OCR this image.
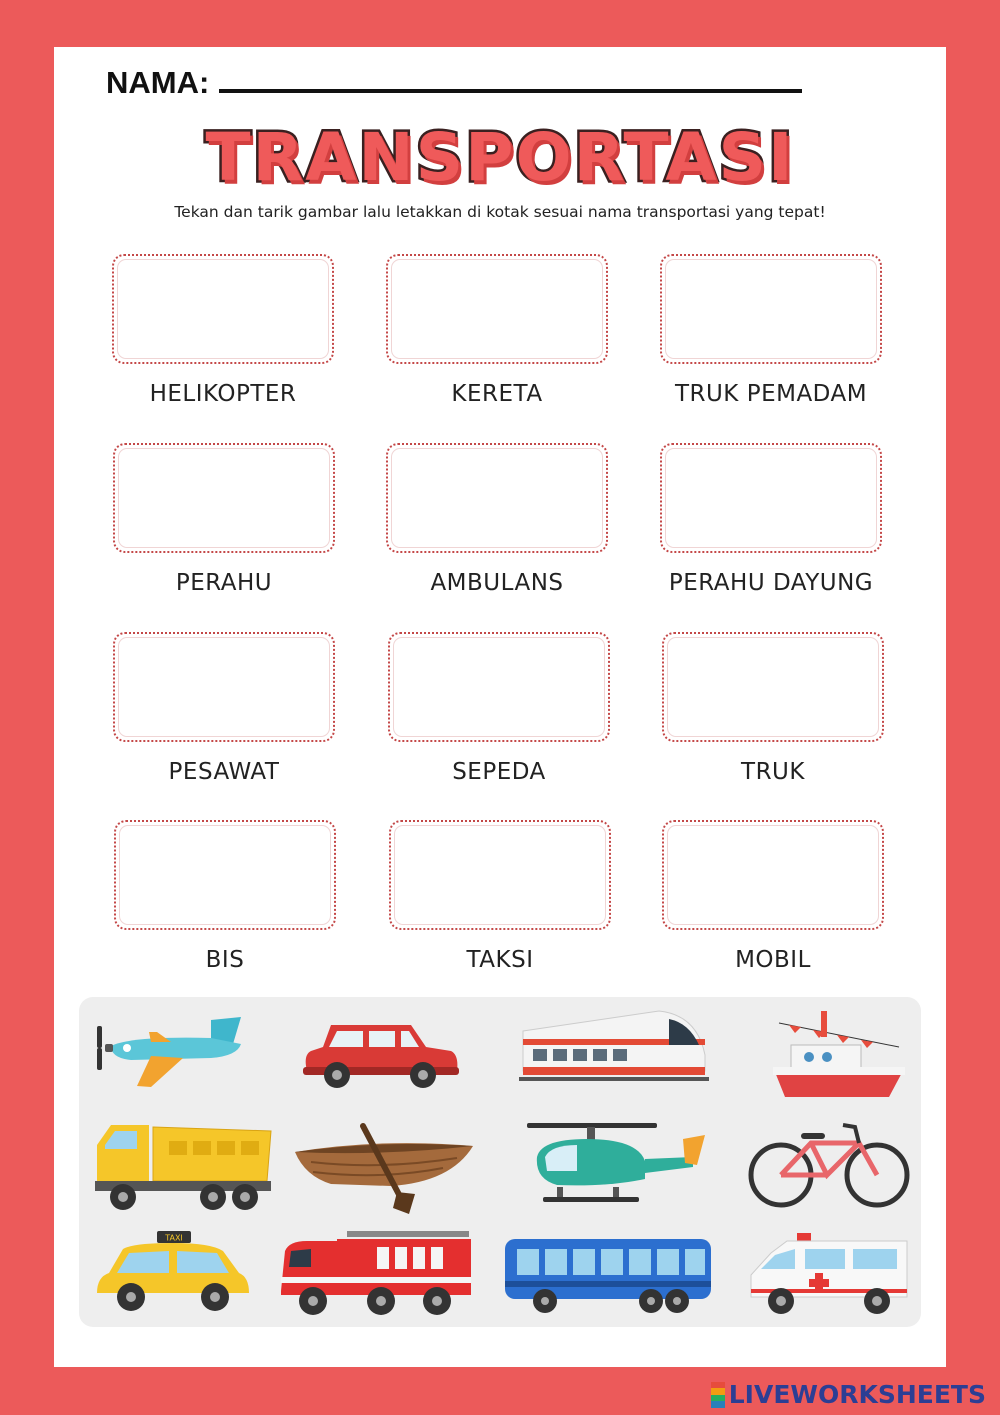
NAMA:
TRANSPORTASI
Tekan dan tarik gambar lalu letakkan di kotak sesuai nama transportasi yang tepat!
HELIKOPTER	KERETA	TRUK PEMADAM
PERAHU	AMBULANS	PERAHU DAYUNG
PESAWAT	SEPEDA	TRUK
BIS	TAKSI	MOBIL
TAXI
LIVEWORKSHEETS
